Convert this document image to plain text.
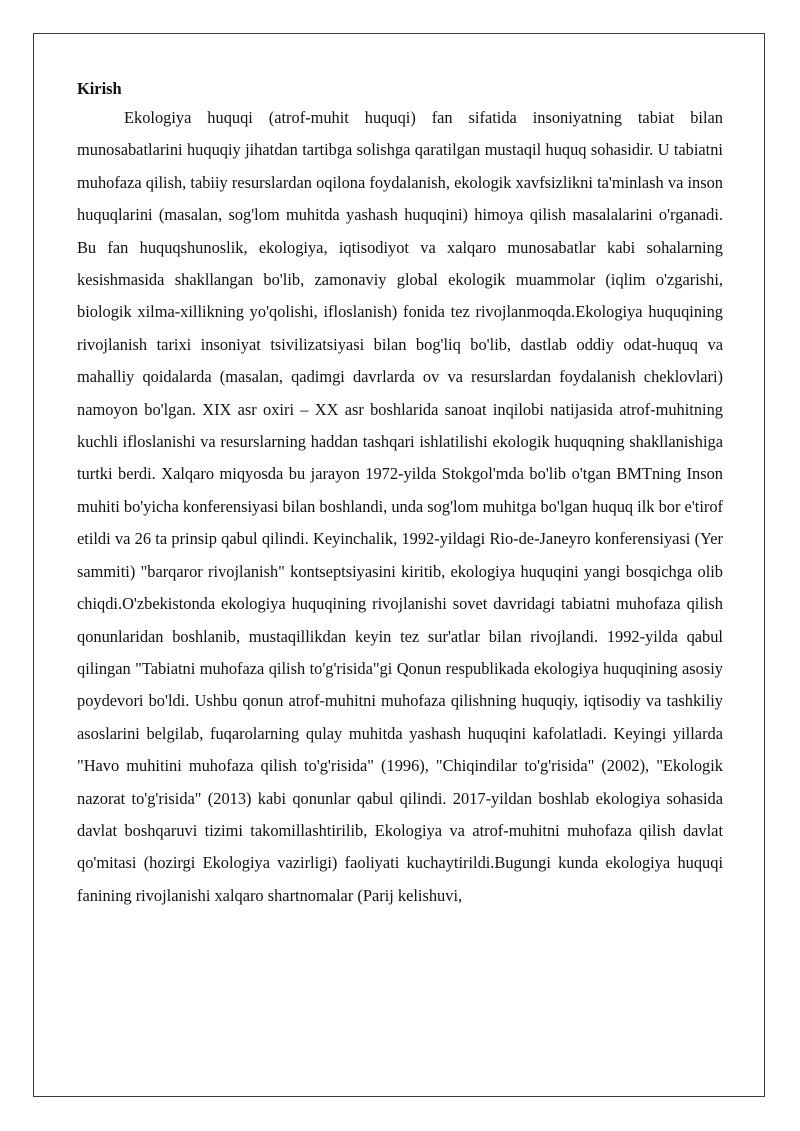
Kirish

Ekologiya huquqi (atrof-muhit huquqi) fan sifatida insoniyatning tabiat bilan munosabatlarini huquqiy jihatdan tartibga solishga qaratilgan mustaqil huquq sohasidir. U tabiatni muhofaza qilish, tabiiy resurslardan oqilona foydalanish, ekologik xavfsizlikni ta'minlash va inson huquqlarini (masalan, sog'lom muhitda yashash huquqini) himoya qilish masalalarini o'rganadi. Bu fan huquqshunoslik, ekologiya, iqtisodiyot va xalqaro munosabatlar kabi sohalarning kesishmasida shakllangan bo'lib, zamonaviy global ekologik muammolar (iqlim o'zgarishi, biologik xilma-xillikning yo'qolishi, ifloslanish) fonida tez rivojlanmoqda.Ekologiya huquqining rivojlanish tarixi insoniyat tsivilizatsiyasi bilan bog'liq bo'lib, dastlab oddiy odat-huquq va mahalliy qoidalarda (masalan, qadimgi davrlarda ov va resurslardan foydalanish cheklovlari) namoyon bo'lgan. XIX asr oxiri – XX asr boshlarida sanoat inqilobi natijasida atrof-muhitning kuchli ifloslanishi va resurslarning haddan tashqari ishlatilishi ekologik huquqning shakllanishiga turtki berdi. Xalqaro miqyosda bu jarayon 1972-yilda Stokgol'mda bo'lib o'tgan BMTning Inson muhiti bo'yicha konferensiyasi bilan boshlandi, unda sog'lom muhitga bo'lgan huquq ilk bor e'tirof etildi va 26 ta prinsip qabul qilindi. Keyinchalik, 1992-yildagi Rio-de-Janeyro konferensiyasi (Yer sammiti) "barqaror rivojlanish" kontseptsiyasini kiritib, ekologiya huquqini yangi bosqichga olib chiqdi.O'zbekistonda ekologiya huquqining rivojlanishi sovet davridagi tabiatni muhofaza qilish qonunlaridan boshlanib, mustaqillikdan keyin tez sur'atlar bilan rivojlandi. 1992-yilda qabul qilingan "Tabiatni muhofaza qilish to'g'risida"gi Qonun respublikada ekologiya huquqining asosiy poydevori bo'ldi. Ushbu qonun atrof-muhitni muhofaza qilishning huquqiy, iqtisodiy va tashkiliy asoslarini belgilab, fuqarolarning qulay muhitda yashash huquqini kafolatladi. Keyingi yillarda "Havo muhitini muhofaza qilish to'g'risida" (1996), "Chiqindilar to'g'risida" (2002), "Ekologik nazorat to'g'risida" (2013) kabi qonunlar qabul qilindi. 2017-yildan boshlab ekologiya sohasida davlat boshqaruvi tizimi takomillashtirilib, Ekologiya va atrof-muhitni muhofaza qilish davlat qo'mitasi (hozirgi Ekologiya vazirligi) faoliyati kuchaytirildi.Bugungi kunda ekologiya huquqi fanining rivojlanishi xalqaro shartnomalar (Parij kelishuvi,
